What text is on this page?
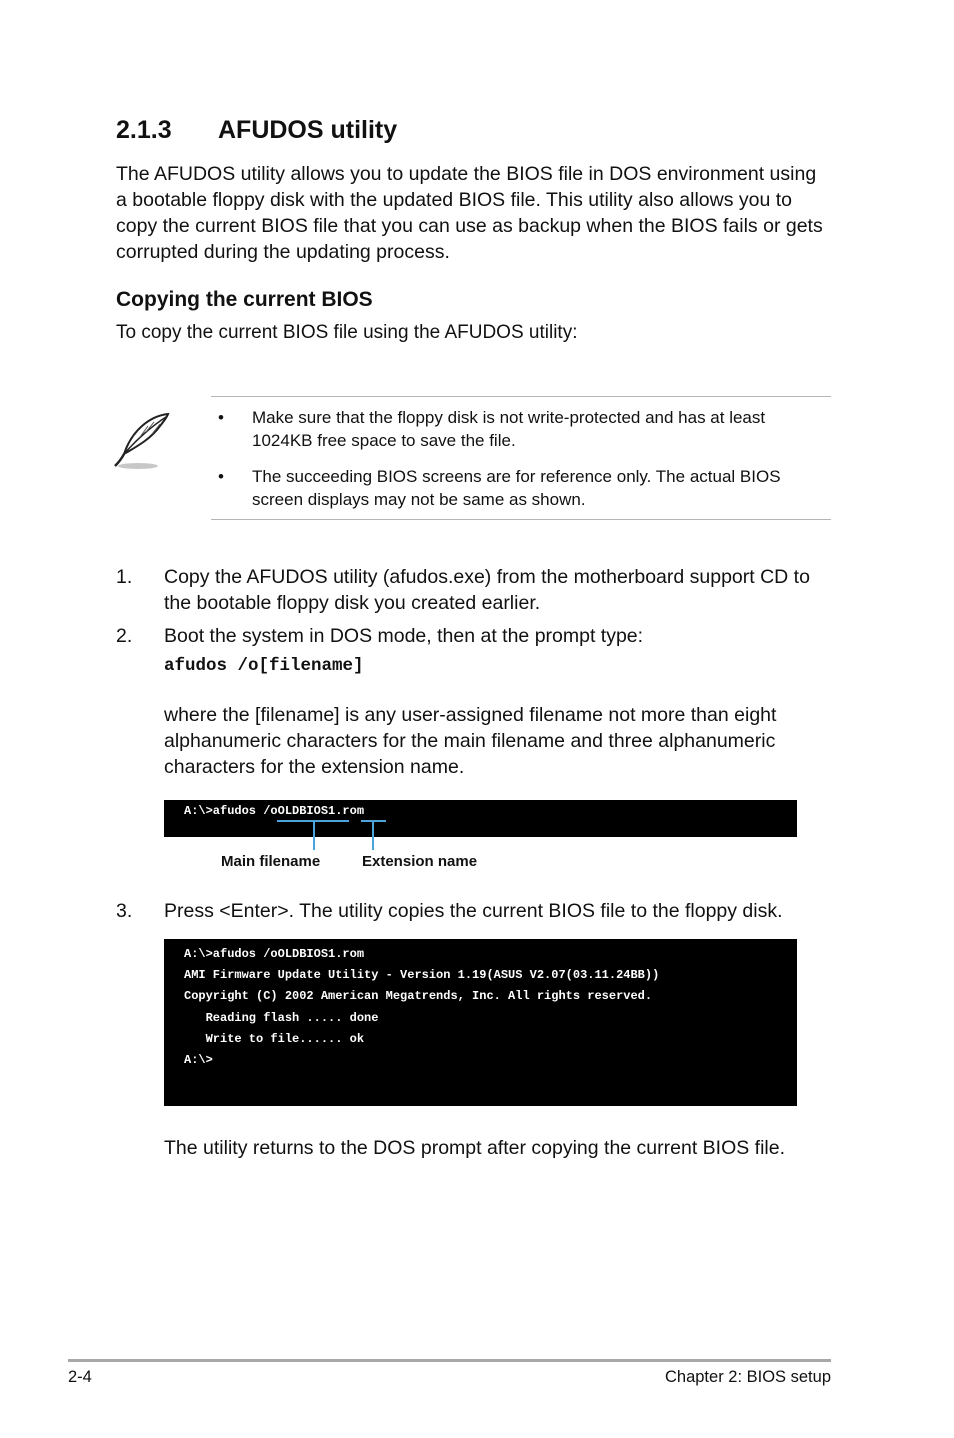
2.1.3 AFUDOS utility
The AFUDOS utility allows you to update the BIOS file in DOS environment using
a bootable floppy disk with the updated BIOS file. This utility also allows you to
copy the current BIOS file that you can use as backup when the BIOS fails or gets
corrupted during the updating process.
Copying the current BIOS

To copy the current BIOS file using the AFUDOS utility:

• Make sure that the floppy disk is not write-protected and has at least
1024KB free space to save the file.
• The succeeding BIOS screens are for reference only. The actual BIOS
screen displays may not be same as shown.
1. Copy the AFUDOS utility (afudos.exe) from the motherboard support CD to
the bootable floppy disk you created earlier.
2. Boot the system in DOS mode, then at the prompt type:
afudos /o[filename]
where the [filename] is any user-assigned filename not more than eight
alphanumeric characters for the main filename and three alphanumeric
characters for the extension name.
A:\>afudos /oOLDBIOS1.rom
Main filename	Extension name
3. Press <Enter>. The utility copies the current BIOS file to the floppy disk.
A:\>afudos /oOLDBIOS1.rom
AMI Firmware Update Utility - Version 1.19(ASUS V2.07(03.11.24BB))
Copyright (C) 2002 American Megatrends, Inc. All rights reserved.
Reading flash ..... done
Write to file...... ok
A:\>

The utility returns to the DOS prompt after copying the current BIOS file.

2-4	Chapter 2: BIOS setup
